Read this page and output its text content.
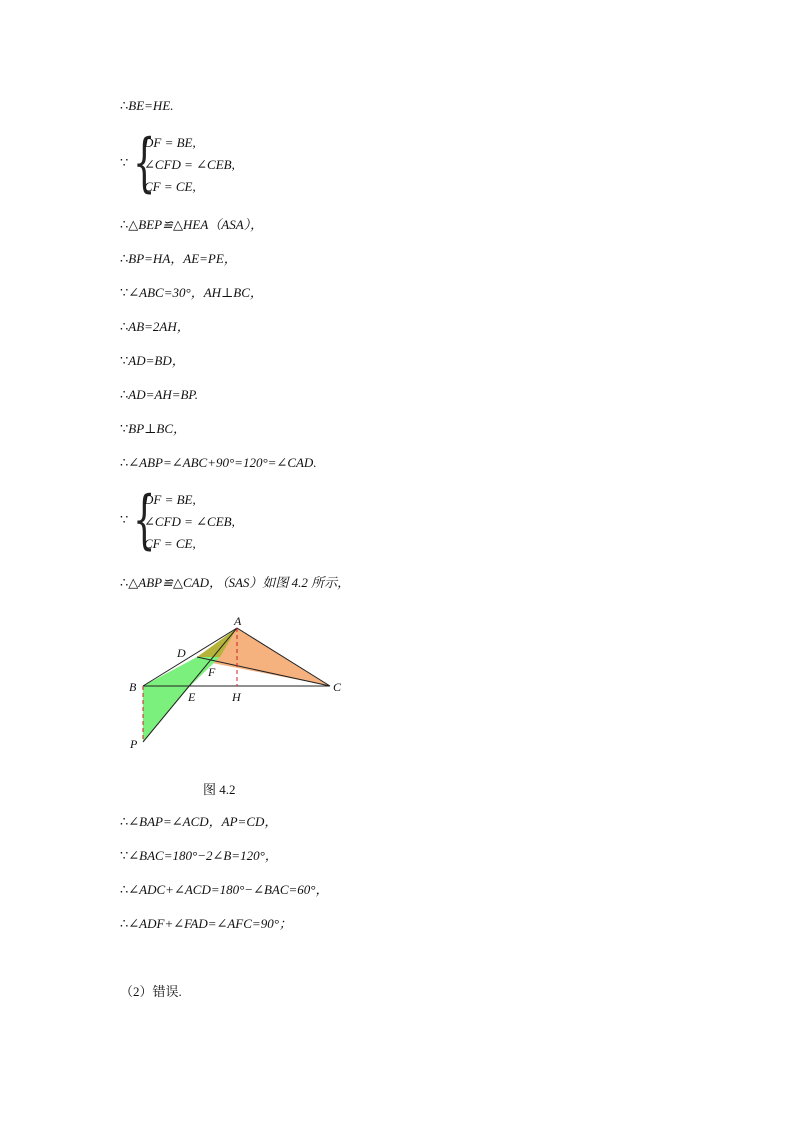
∴BE=HE.
∵ {
DF = BE,
∠CFD = ∠CEB,
CF = CE,
∴△BEP≌△HEA（ASA），
∴BP=HA，AE=PE，
∵∠ABC=30°，AH⊥BC，
∴AB=2AH，
∵AD=BD，
∴AD=AH=BP.
∵BP⊥BC，
∴∠ABP=∠ABC+90°=120°=∠CAD.
∵ {
DF = BE,
∠CFD = ∠CEB,
CF = CE,
∴△ABP≌△CAD，（SAS）如图 4.2 所示，
A
B	C
D
E
F
H
P
图 4.2
∴∠BAP=∠ACD，AP=CD，
∵∠BAC=180°−2∠B=120°，
∴∠ADC+∠ACD=180°−∠BAC=60°，
∴∠ADF+∠FAD=∠AFC=90°；
（2）错误.
